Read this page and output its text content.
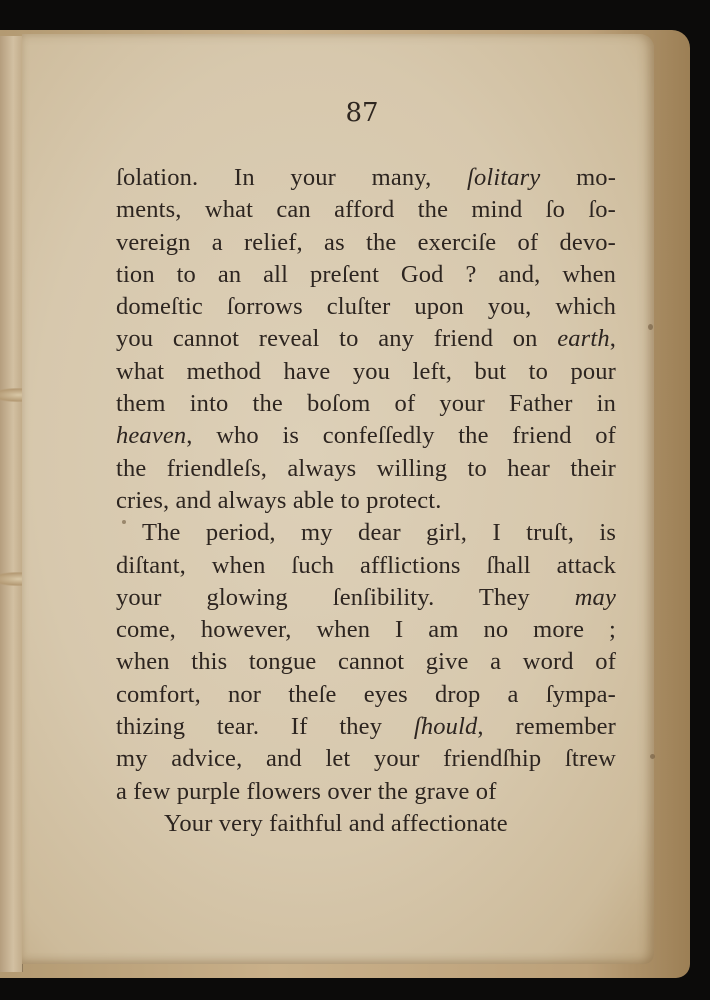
87
ſolation. In your many, ſolitary mo-
ments, what can afford the mind ſo ſo-
vereign a relief, as the exerciſe of devo-
tion to an all preſent God ? and, when
domeſtic ſorrows cluſter upon you, which
you cannot reveal to any friend on earth,
what method have you left, but to pour
them into the boſom of your Father in
heaven, who is confeſſedly the friend of
the friendleſs, always willing to hear their
cries, and always able to protect.
The period, my dear girl, I truſt, is
diſtant, when ſuch afflictions ſhall attack
your glowing ſenſibility. They may
come, however, when I am no more ;
when this tongue cannot give a word of
comfort, nor theſe eyes drop a ſympa-
thizing tear. If they ſhould, remember
my advice, and let your friendſhip ſtrew
a few purple flowers over the grave of
Your very faithful and affectionate
